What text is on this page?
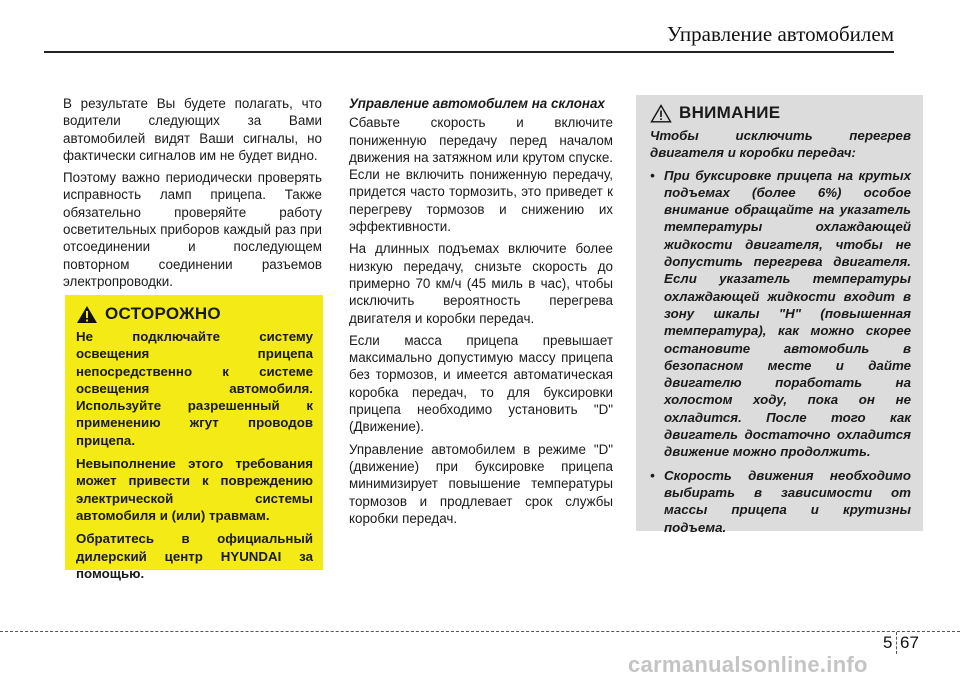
Управление автомобилем

В результате Вы будете полагать, что водители следующих за Вами автомобилей видят Ваши сигналы, но фактически сигналов им не будет видно.

Поэтому важно периодически проверять исправность ламп прицепа. Также обязательно проверяйте работу осветительных приборов каждый раз при отсоединении и последующем повторном соединении разъемов электропроводки.

ОСТОРОЖНО

Не подключайте систему освещения прицепа непосредственно к системе освещения автомобиля. Используйте разрешенный к применению жгут проводов прицепа.

Невыполнение этого требования может привести к повреждению электрической системы автомобиля и (или) травмам.

Обратитесь в официальный дилерский центр HYUNDAI за помощью.

Управление автомобилем на склонах

Сбавьте скорость и включите пониженную передачу перед началом движения на затяжном или крутом спуске. Если не включить пониженную передачу, придется часто тормозить, это приведет к перегреву тормозов и снижению их эффективности.

На длинных подъемах включите более низкую передачу, снизьте скорость до примерно 70 км/ч (45 миль в час), чтобы исключить вероятность перегрева двигателя и коробки передач.

Если масса прицепа превышает максимально допустимую массу прицепа без тормозов, и имеется автоматическая коробка передач, то для буксировки прицепа необходимо установить "D" (Движение).

Управление автомобилем в режиме "D" (движение) при буксировке прицепа минимизирует повышение температуры тормозов и продлевает срок службы коробки передач.

ВНИМАНИЕ

Чтобы исключить перегрев двигателя и коробки передач:

• При буксировке прицепа на крутых подъемах (более 6%) особое внимание обращайте на указатель температуры охлаждающей жидкости двигателя, чтобы не допустить перегрева двигателя. Если указатель температуры охлаждающей жидкости входит в зону шкалы "H" (повышенная температура), как можно скорее остановите автомобиль в безопасном месте и дайте двигателю поработать на холостом ходу, пока он не охладится. После того как двигатель достаточно охладится движение можно продолжить.
• Скорость движения необходимо выбирать в зависимости от массы прицепа и крутизны подъема.
5 67
carmanualsonline.info
